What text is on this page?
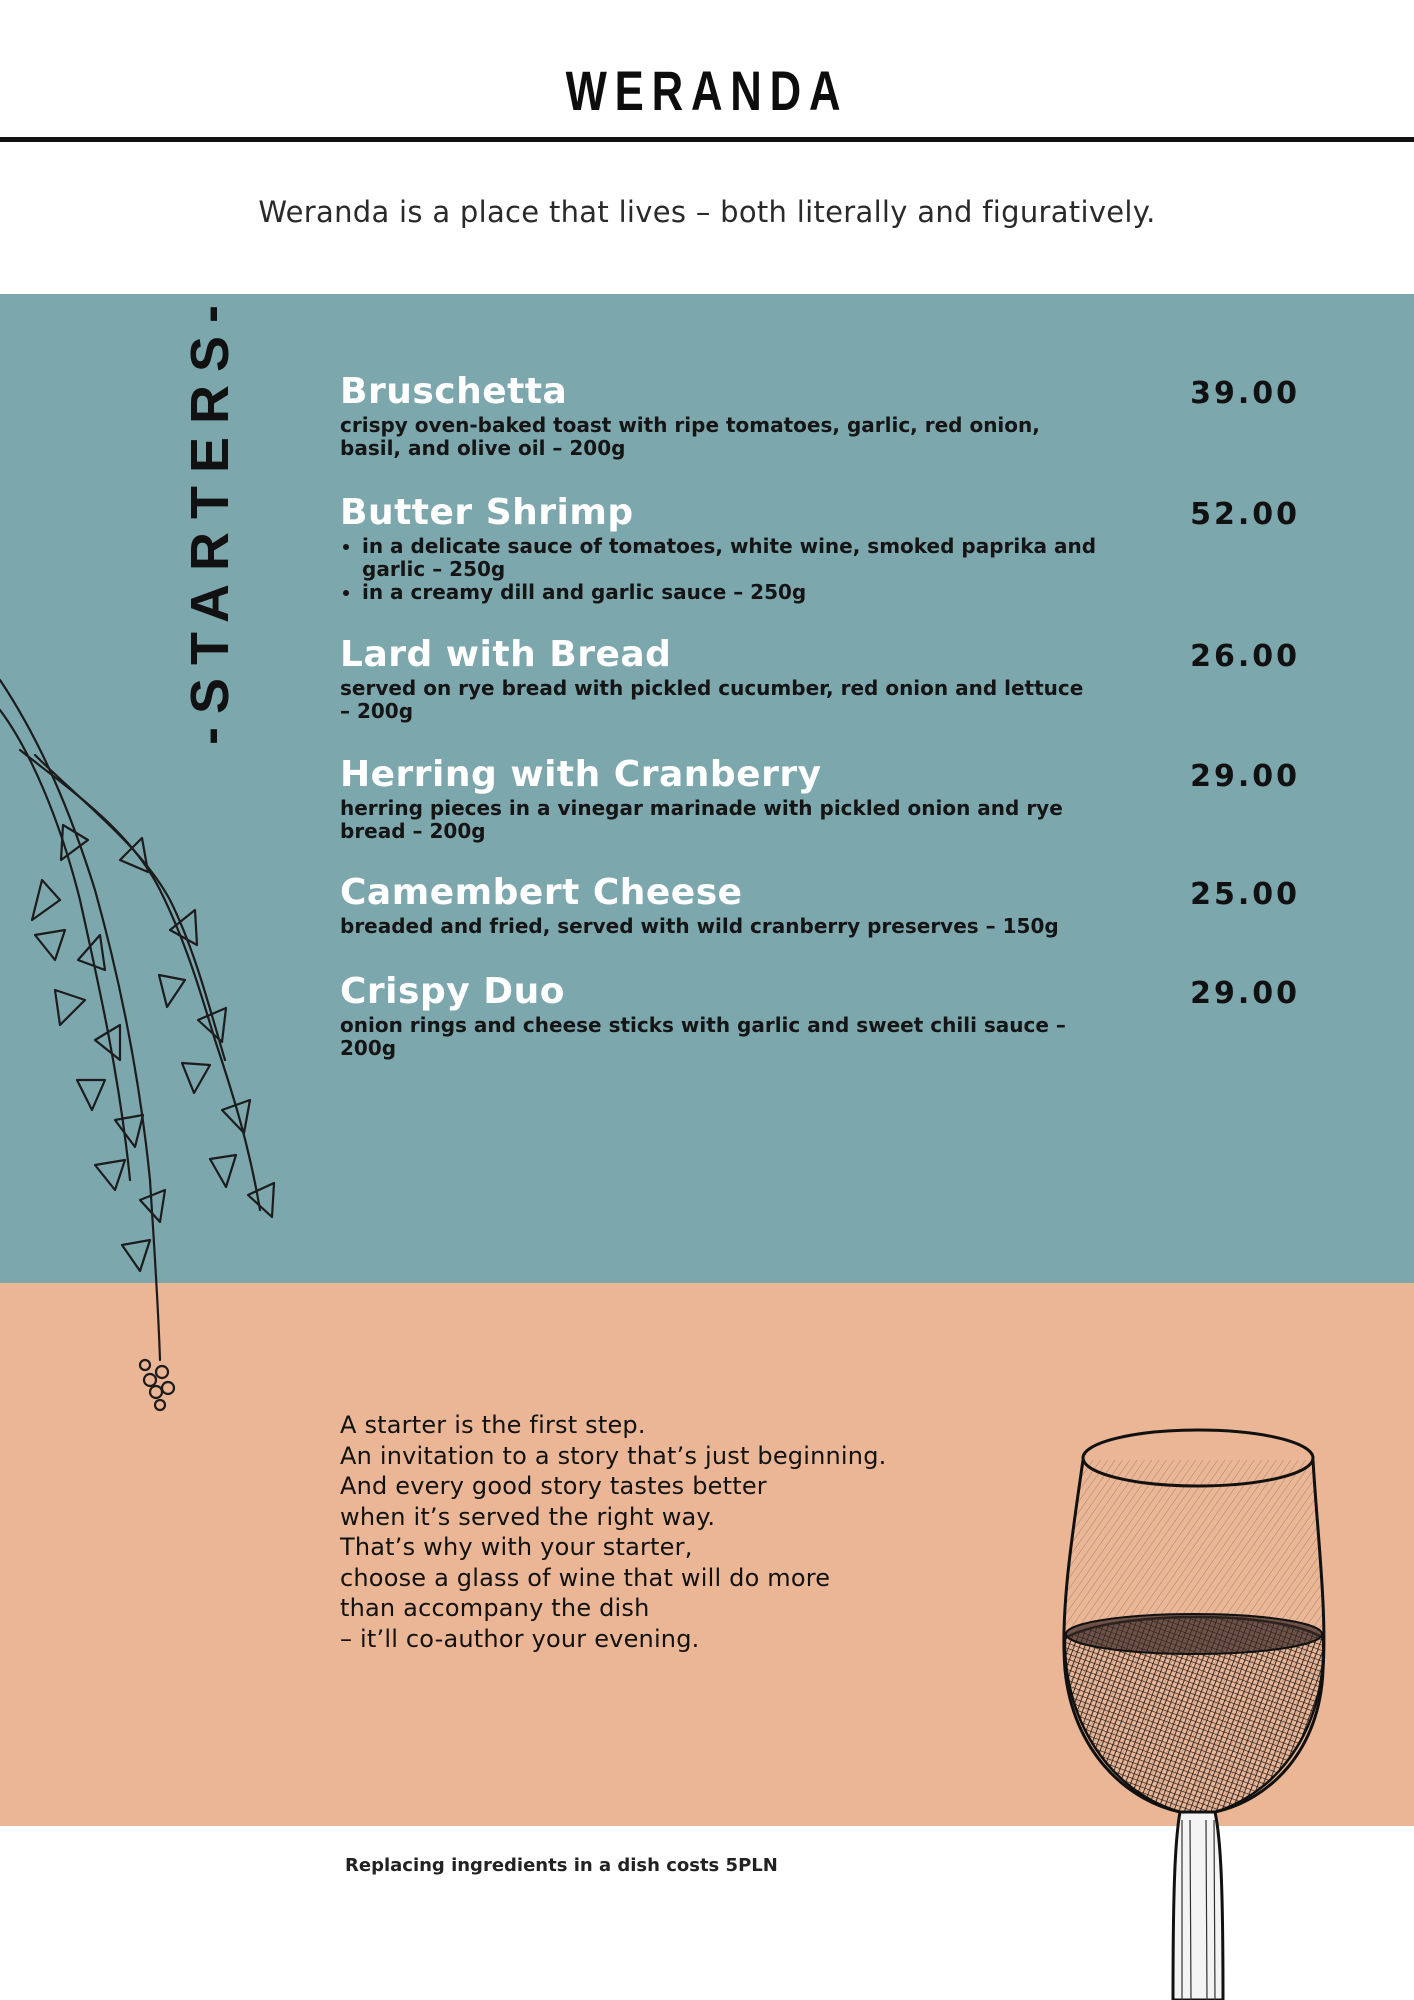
WERANDA
Weranda is a place that lives – both literally and figuratively.
-STARTERS-	Bruschetta	39.00
crispy oven-baked toast with ripe tomatoes, garlic, red onion, basil, and olive oil – 200g
Butter Shrimp	52.00
• in a delicate sauce of tomatoes, white wine, smoked paprika and garlic – 250g
• in a creamy dill and garlic sauce – 250g
Lard with Bread	26.00
served on rye bread with pickled cucumber, red onion and lettuce – 200g
Herring with Cranberry	29.00
herring pieces in a vinegar marinade with pickled onion and rye bread – 200g
Camembert Cheese	25.00
breaded and fried, served with wild cranberry preserves – 150g
Crispy Duo	29.00
onion rings and cheese sticks with garlic and sweet chili sauce – 200g
A starter is the first step.
An invitation to a story that’s just beginning.
And every good story tastes better
when it’s served the right way.
That’s why with your starter,
choose a glass of wine that will do more
than accompany the dish
– it’ll co-author your evening.
Replacing ingredients in a dish costs 5PLN
